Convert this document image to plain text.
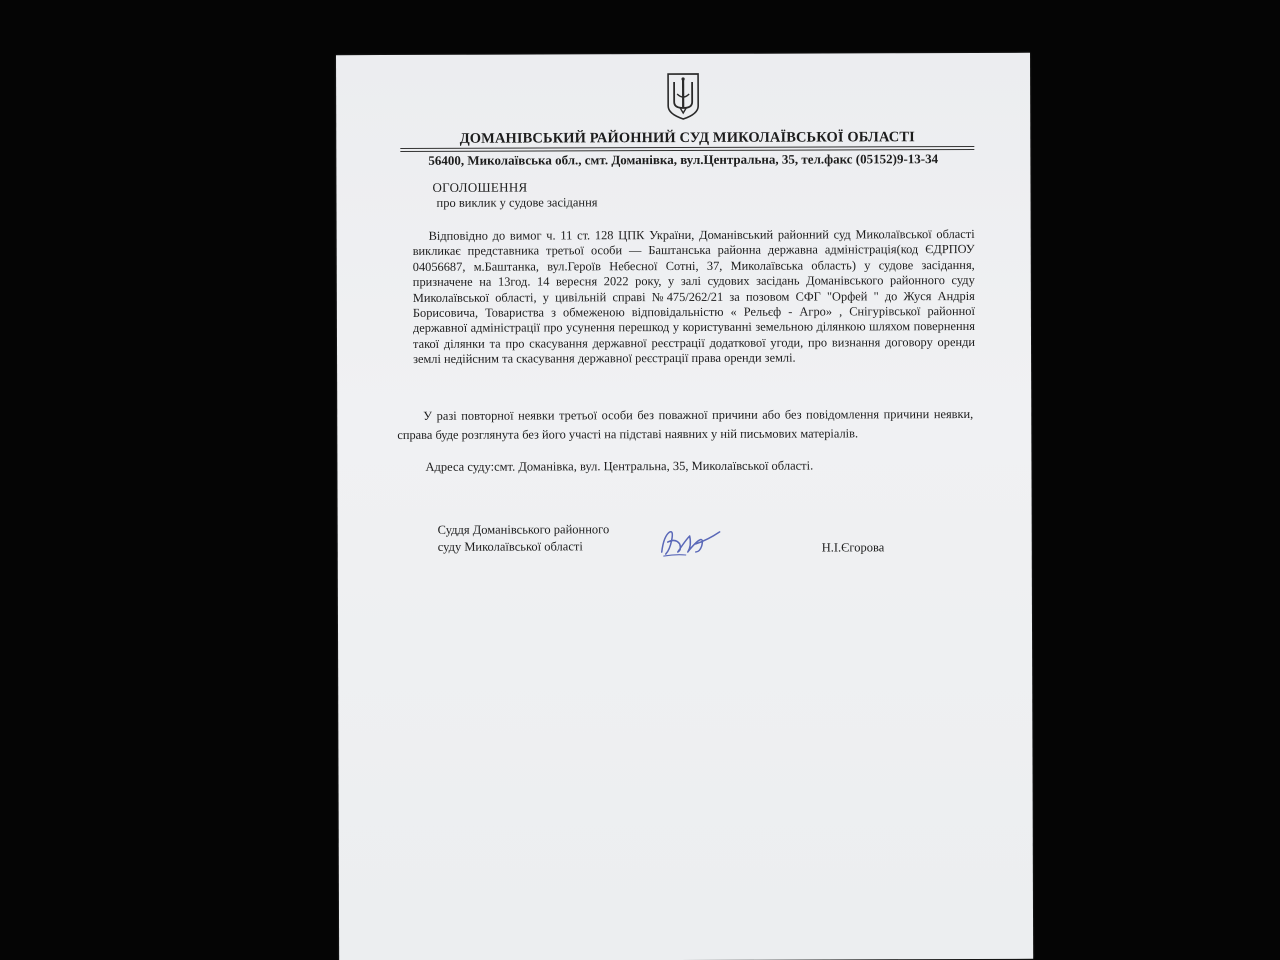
ДОМАНІВСЬКИЙ РАЙОННИЙ СУД МИКОЛАЇВСЬКОЇ ОБЛАСТІ
56400, Миколаївська обл., смт. Доманівка, вул.Центральна, 35, тел.факс (05152)9-13-34
ОГОЛОШЕННЯ
про виклик у судове засідання

Відповідно до вимог ч. 11 ст. 128 ЦПК України, Доманівський районний суд Миколаївської області викликає представника третьої особи — Баштанська районна державна адміністрація(код ЄДРПОУ 04056687, м.Баштанка, вул.Героїв Небесної Сотні, 37, Миколаївська область) у судове засідання, призначене на 13год. 14 вересня 2022 року, у залі судових засідань Доманівського районного суду Миколаївської області, у цивільній справі №475/262/21 за позовом СФГ "Орфей " до Жуся Андрія Борисовича, Товариства з обмеженою відповідальністю « Рельєф - Агро» , Снігурівської районної державної адміністрації про усунення перешкод у користуванні земельною ділянкою шляхом повернення такої ділянки та про скасування державної реєстрації додаткової угоди, про визнання договору оренди землі недійсним та скасування державної реєстрації права оренди землі.

У разі повторної неявки третьої особи без поважної причини або без повідомлення причини неявки, справа буде розглянута без його участі на підставі наявних у ній письмових матеріалів.

Адреса суду:смт. Доманівка, вул. Центральна, 35, Миколаївської області.
Суддя Доманівського районного
суду Миколаївської області	Н.І.Єгорова
